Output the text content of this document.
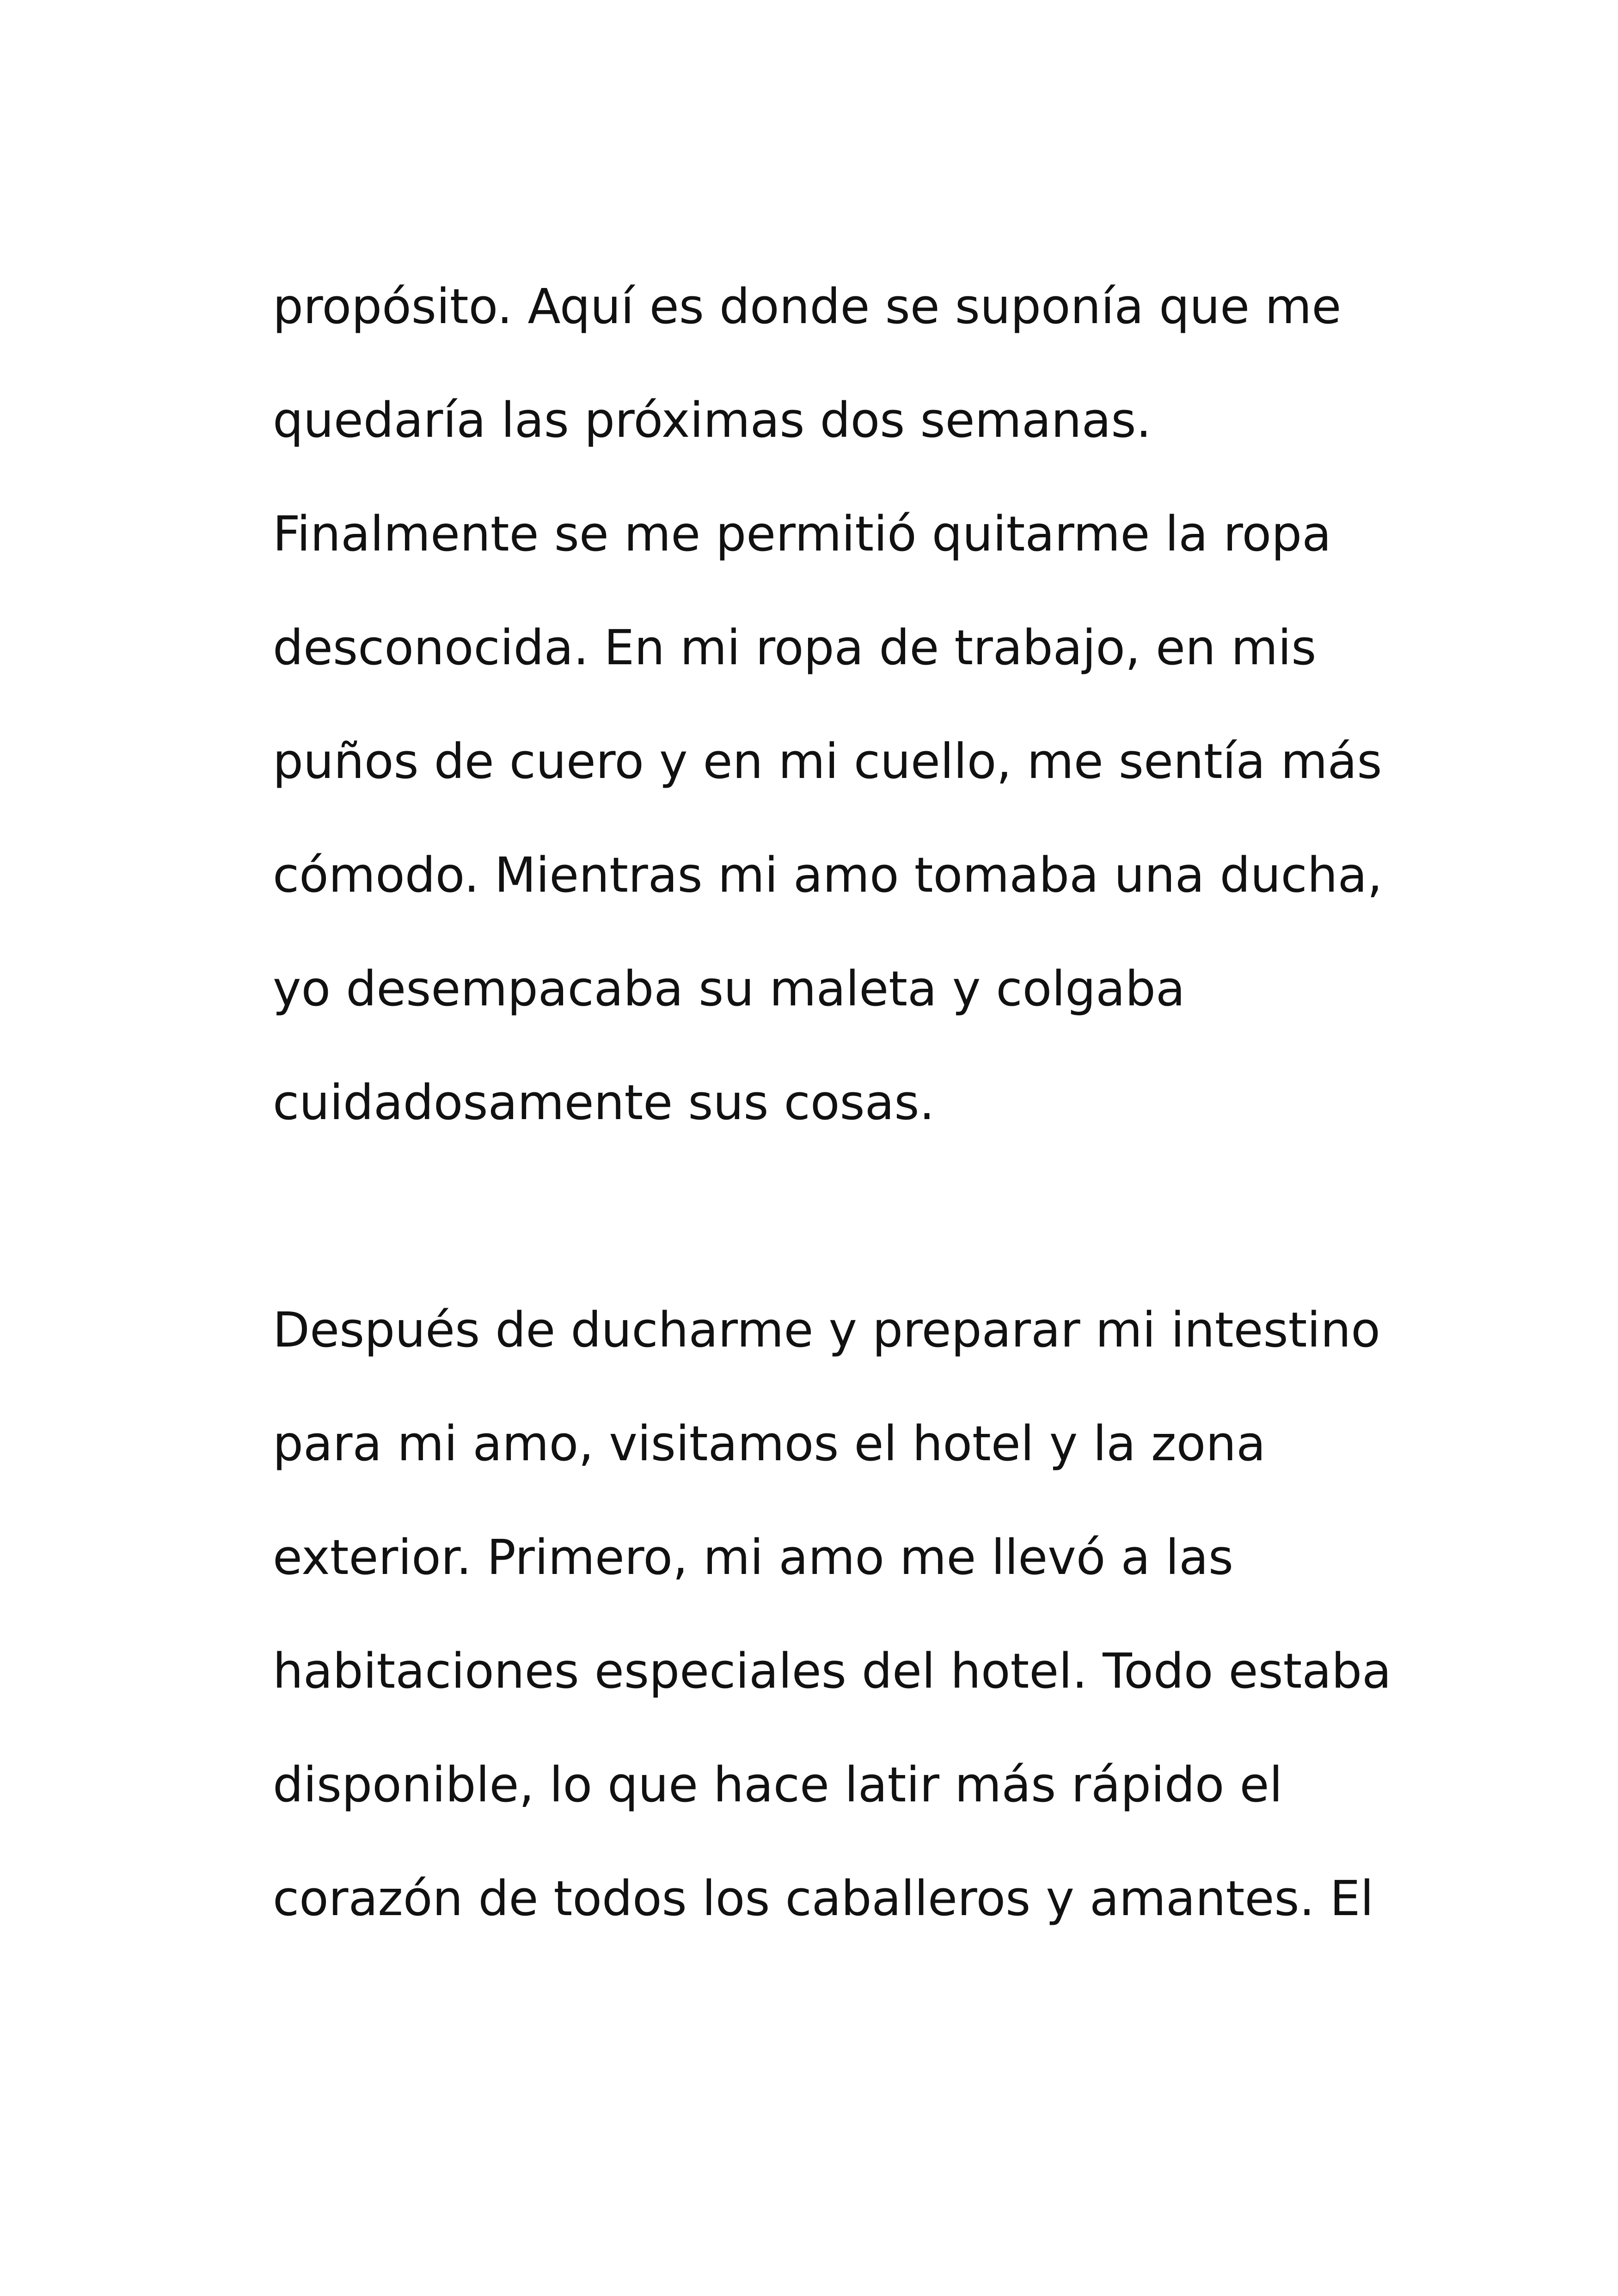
propósito. Aquí es donde se suponía que me
quedaría las próximas dos semanas.
Finalmente se me permitió quitarme la ropa
desconocida. En mi ropa de trabajo, en mis
puños de cuero y en mi cuello, me sentía más
cómodo. Mientras mi amo tomaba una ducha,
yo desempacaba su maleta y colgaba
cuidadosamente sus cosas.
Después de ducharme y preparar mi intestino
para mi amo, visitamos el hotel y la zona
exterior. Primero, mi amo me llevó a las
habitaciones especiales del hotel. Todo estaba
disponible, lo que hace latir más rápido el
corazón de todos los caballeros y amantes. El
